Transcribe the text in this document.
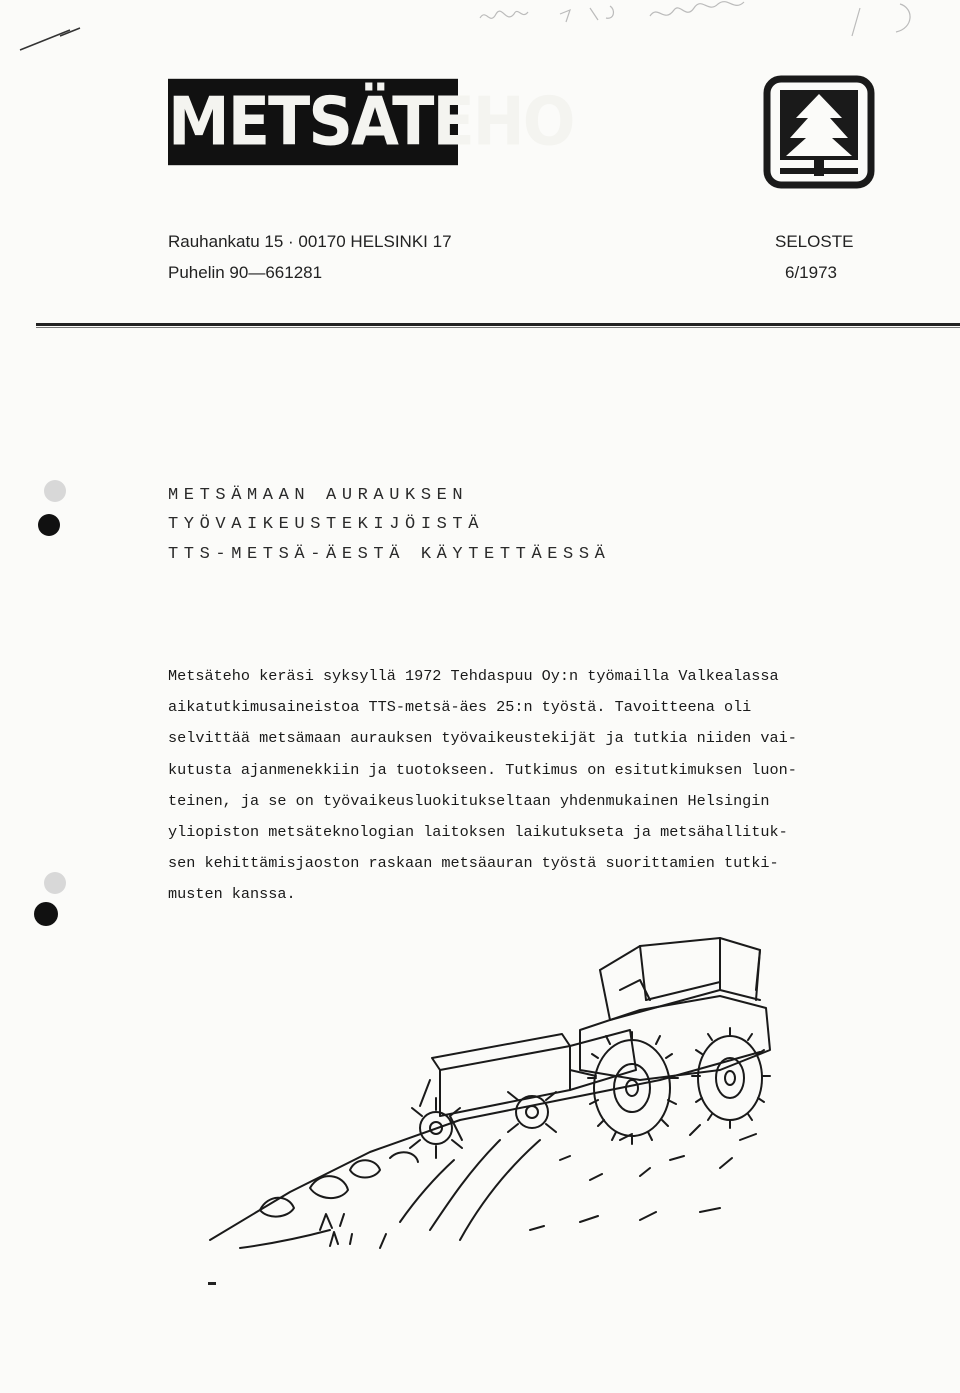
METSÄTEHO
Rauhankatu 15 · 00170 HELSINKI 17
Puhelin 90—661281
SELOSTE
6/1973
METSÄMAAN AURAUKSEN
TYÖVAIKEUSTEKIJÖISTÄ
TTS-METSÄ-ÄESTÄ KÄYTETTÄESSÄ
Metsäteho keräsi syksyllä 1972 Tehdaspuu Oy:n työmailla Valkealassa
aikatutkimusaineistoa TTS-metsä-äes 25:n työstä. Tavoitteena oli
selvittää metsämaan aurauksen työvaikeustekijät ja tutkia niiden vai-
kutusta ajanmenekkiin ja tuotokseen. Tutkimus on esitutkimuksen luon-
teinen, ja se on työvaikeusluokitukseltaan yhdenmukainen Helsingin
yliopiston metsäteknologian laitoksen laikutukseta ja metsähallituk-
sen kehittämisjaoston raskaan metsäauran työstä suorittamien tutki-
musten kanssa.
